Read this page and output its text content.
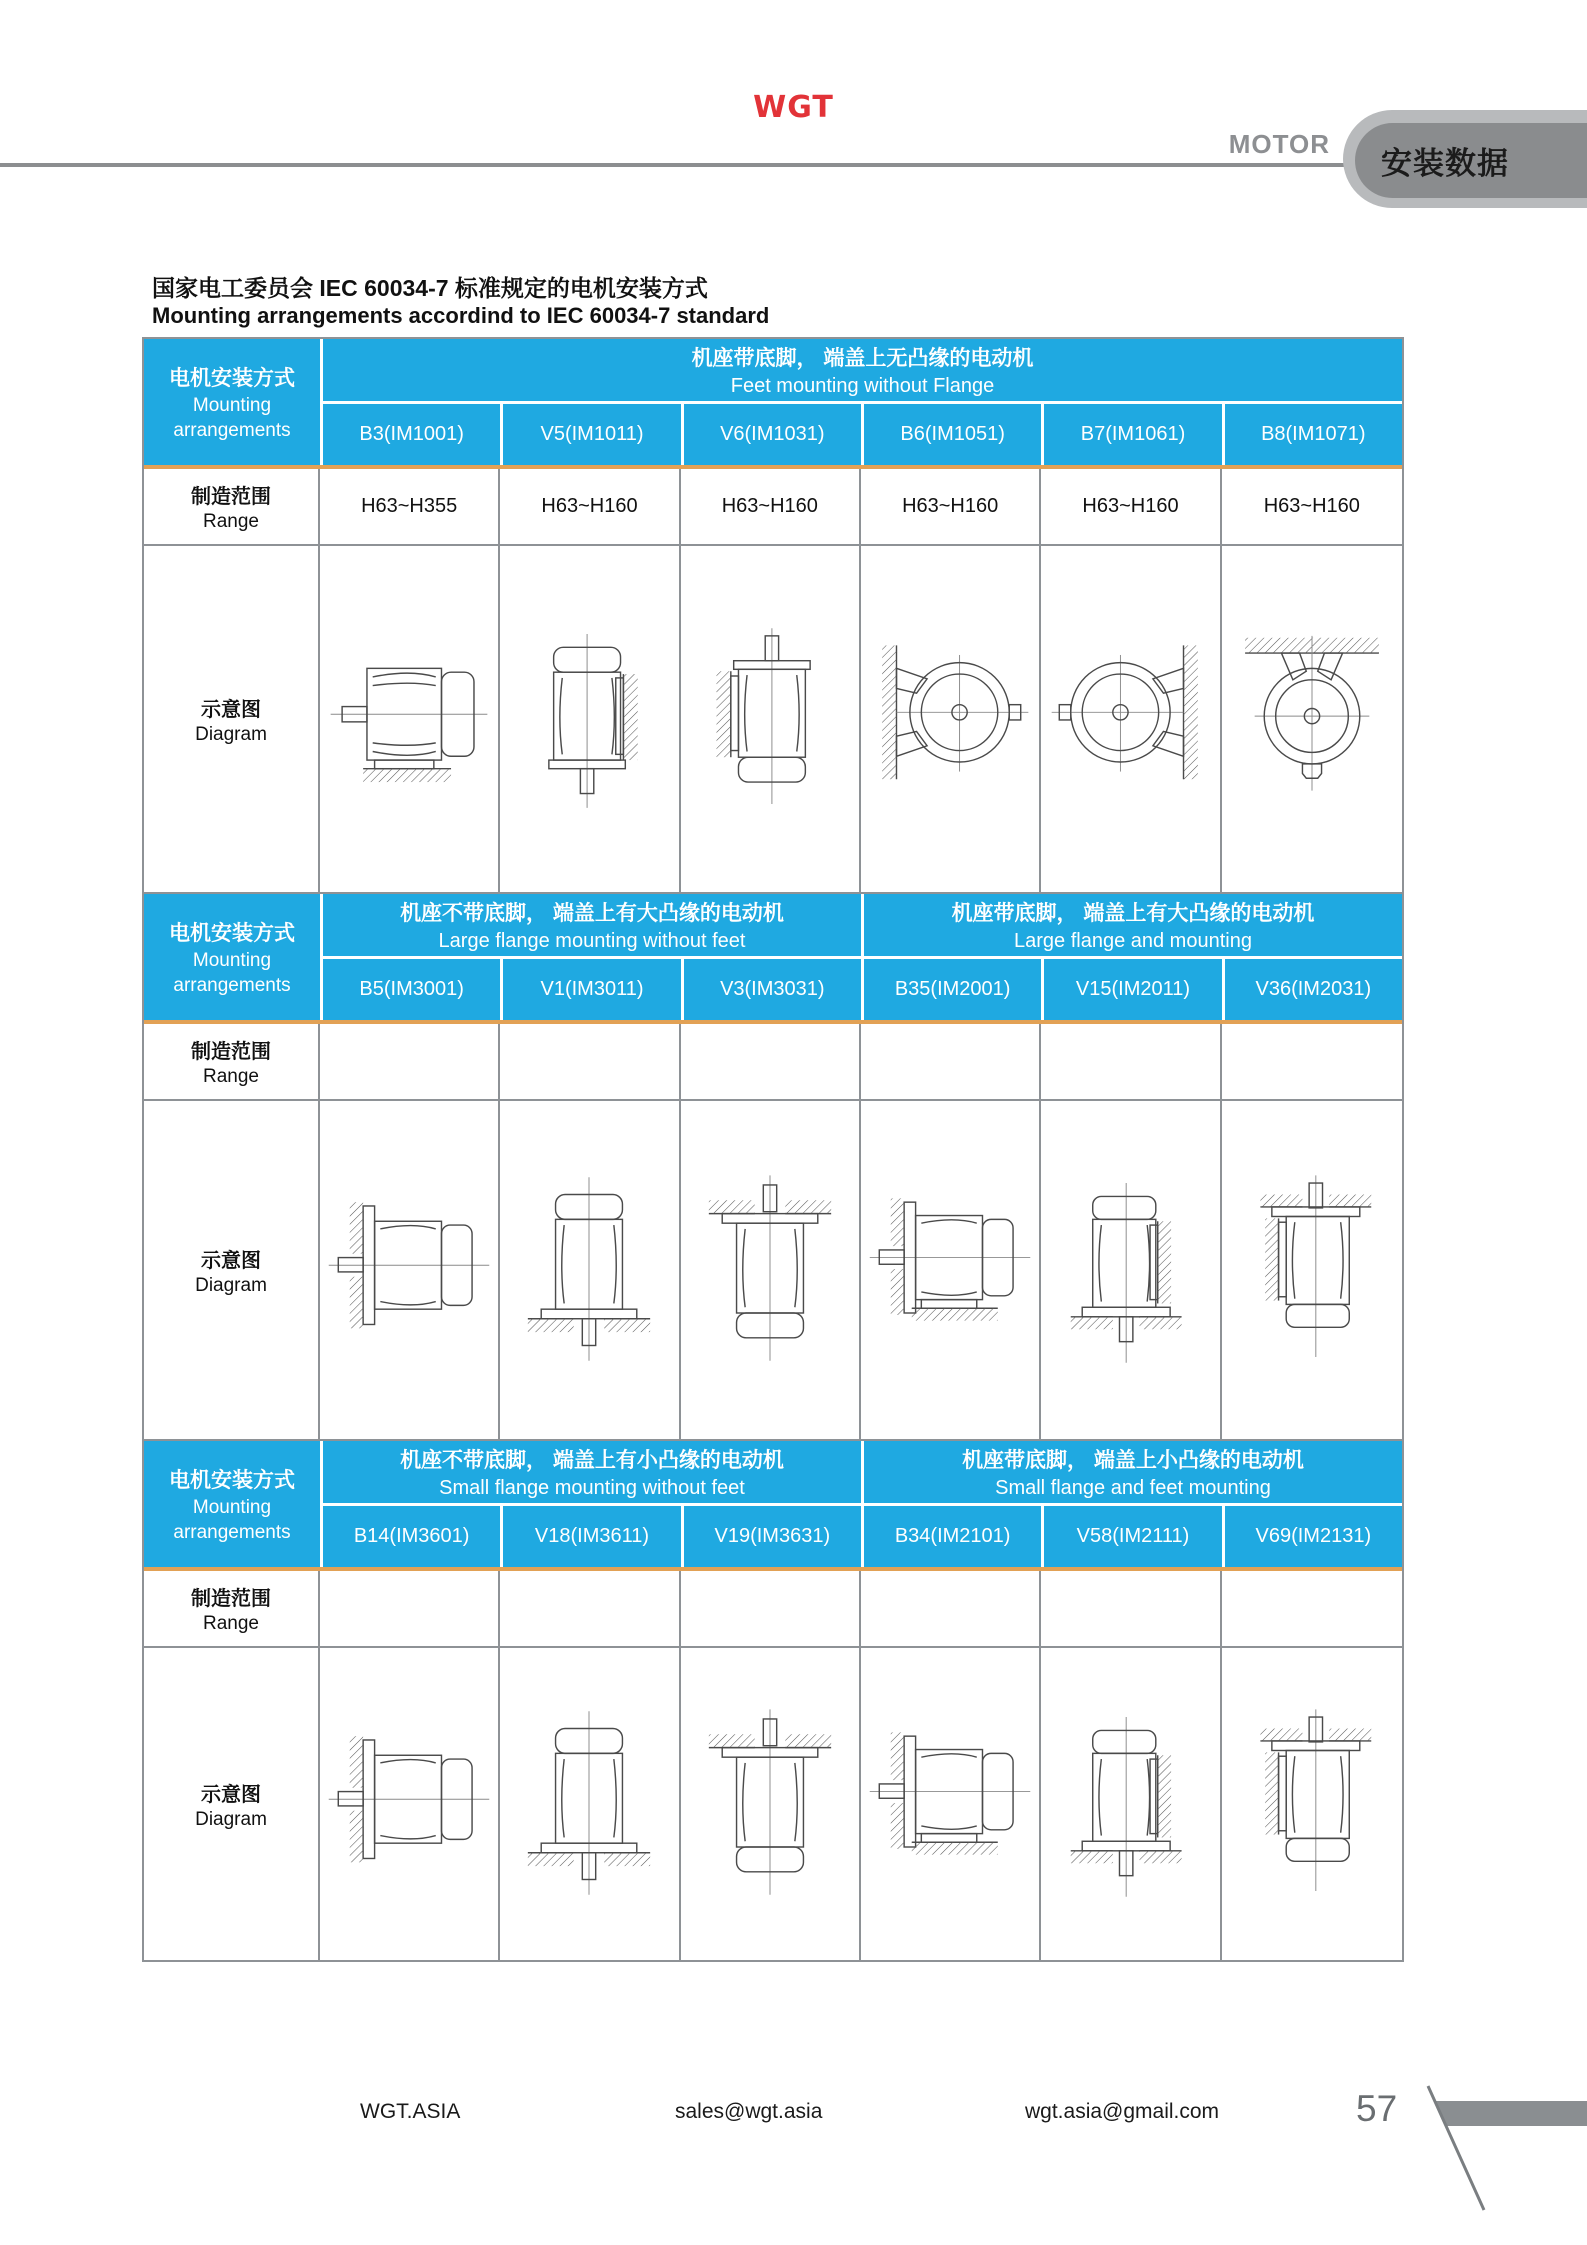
WGT
MOTOR
安装数据
国家电工委员会 IEC 60034-7 标准规定的电机安装方式
Mounting arrangements accordind to IEC 60034-7 standard
电机安装方式
Mounting
arrangements
机座带底脚， 端盖上无凸缘的电动机
Feet mounting without Flange
B3(IM1001)	V5(IM1011)	V6(IM1031)	B6(IM1051)	B7(IM1061)	B8(IM1071)
制造范围
Range
H63~H355	H63~H160	H63~H160	H63~H160	H63~H160	H63~H160
示意图
Diagram
电机安装方式
Mounting
arrangements
机座不带底脚， 端盖上有大凸缘的电动机
Large flange mounting without feet
机座带底脚， 端盖上有大凸缘的电动机
Large flange and mounting
B5(IM3001)	V1(IM3011)	V3(IM3031)	B35(IM2001)	V15(IM2011)	V36(IM2031)
制造范围
Range
示意图
Diagram
电机安装方式
Mounting
arrangements
机座不带底脚， 端盖上有小凸缘的电动机
Small flange mounting without feet
机座带底脚， 端盖上小凸缘的电动机
Small flange and feet mounting
B14(IM3601)	V18(IM3611)	V19(IM3631)	B34(IM2101)	V58(IM2111)	V69(IM2131)
制造范围
Range
示意图
Diagram
WGT.ASIA	sales@wgt.asia	wgt.asia@gmail.com	57
